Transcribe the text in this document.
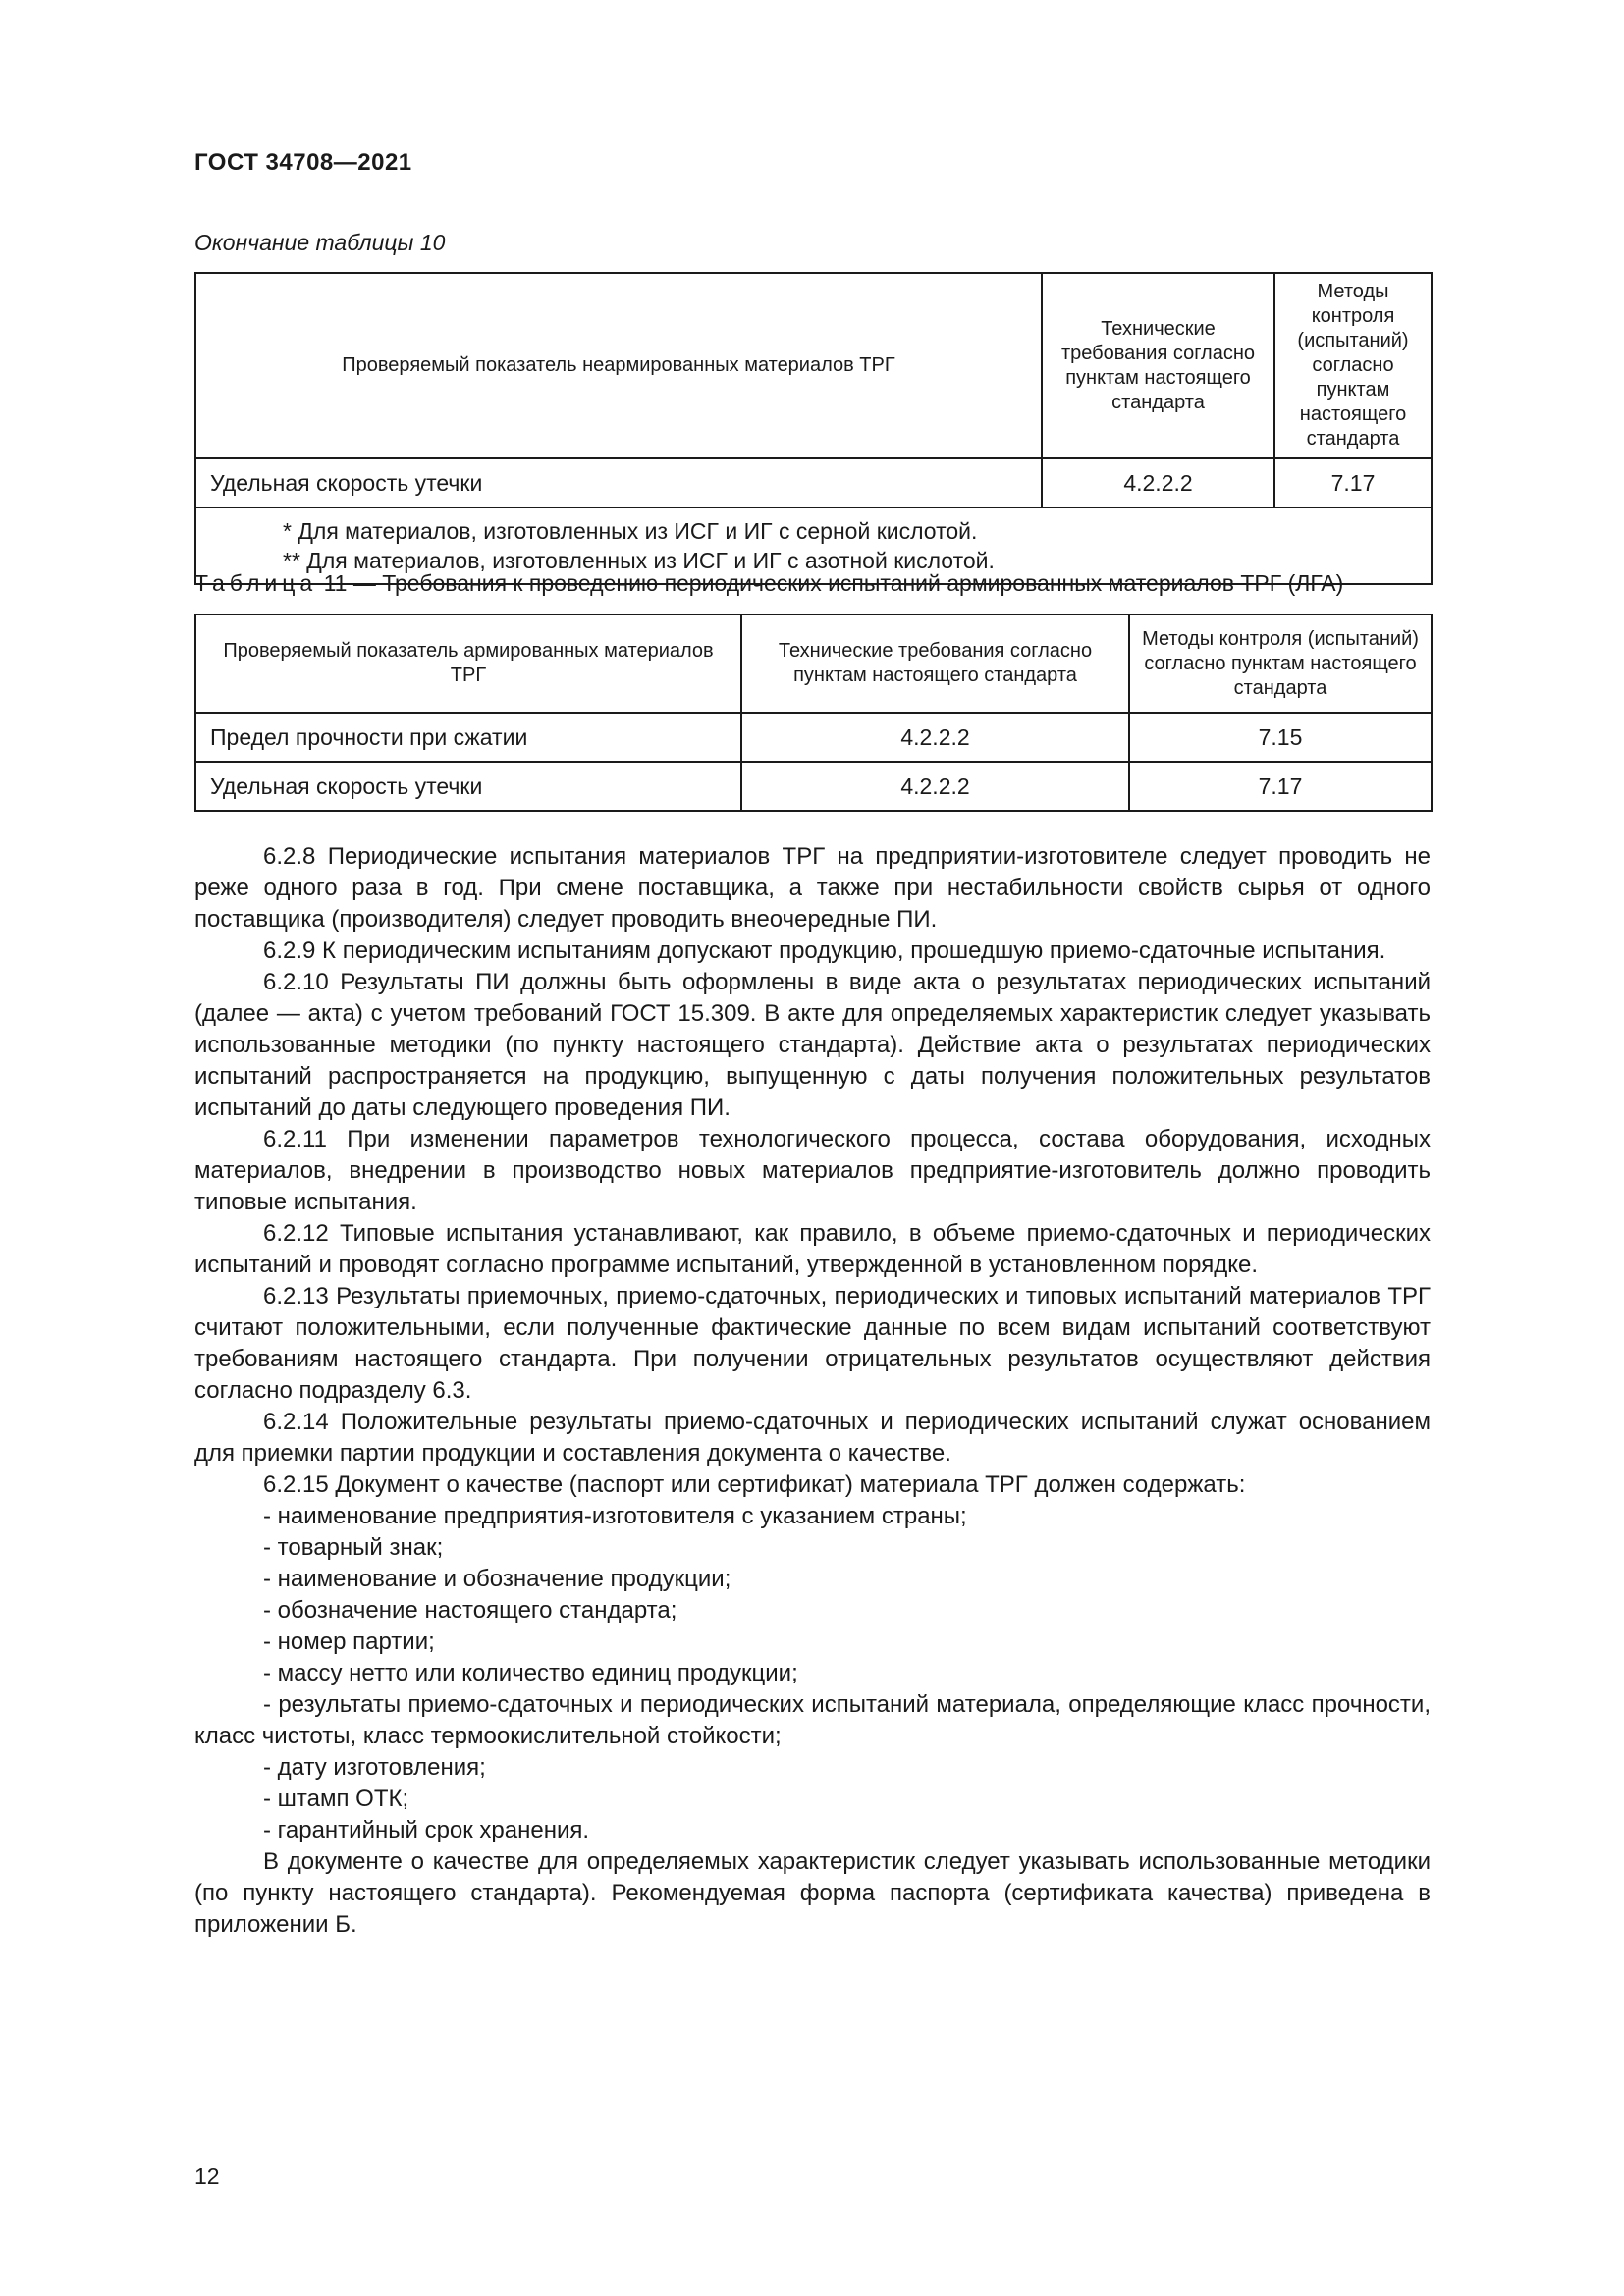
ГОСТ 34708—2021
Окончание таблицы 10
Проверяемый показатель неармированных материалов ТРГ	Технические требования согласно пунктам настоящего стандарта	Методы контроля (испытаний) согласно пунктам настоящего стандарта
Удельная скорость утечки	4.2.2.2	7.17

* Для материалов, изготовленных из ИСГ и ИГ с серной кислотой.
** Для материалов, изготовленных из ИСГ и ИГ с азотной кислотой.		
Таблица 11 — Требования к проведению периодических испытаний армированных материалов ТРГ (ЛГА)
Проверяемый показатель армированных материалов ТРГ	Технические требования согласно пунктам настоящего стандарта	Методы контроля (испытаний) согласно пунктам настоящего стандарта
Предел прочности при сжатии	4.2.2.2	7.15
Удельная скорость утечки	4.2.2.2	7.17

6.2.8 Периодические испытания материалов ТРГ на предприятии-изготовителе следует проводить не реже одного раза в год. При смене поставщика, а также при нестабильности свойств сырья от одного поставщика (производителя) следует проводить внеочередные ПИ.

6.2.9 К периодическим испытаниям допускают продукцию, прошедшую приемо-сдаточные испытания.

6.2.10 Результаты ПИ должны быть оформлены в виде акта о результатах периодических испытаний (далее — акта) с учетом требований ГОСТ 15.309. В акте для определяемых характеристик следует указывать использованные методики (по пункту настоящего стандарта). Действие акта о результатах периодических испытаний распространяется на продукцию, выпущенную с даты получения положительных результатов испытаний до даты следующего проведения ПИ.

6.2.11 При изменении параметров технологического процесса, состава оборудования, исходных материалов, внедрении в производство новых материалов предприятие-изготовитель должно проводить типовые испытания.

6.2.12 Типовые испытания устанавливают, как правило, в объеме приемо-сдаточных и периодических испытаний и проводят согласно программе испытаний, утвержденной в установленном порядке.

6.2.13 Результаты приемочных, приемо-сдаточных, периодических и типовых испытаний материалов ТРГ считают положительными, если полученные фактические данные по всем видам испытаний соответствуют требованиям настоящего стандарта. При получении отрицательных результатов осуществляют действия согласно подразделу 6.3.

6.2.14 Положительные результаты приемо-сдаточных и периодических испытаний служат основанием для приемки партии продукции и составления документа о качестве.

6.2.15 Документ о качестве (паспорт или сертификат) материала ТРГ должен содержать:

- наименование предприятия-изготовителя с указанием страны;

- товарный знак;

- наименование и обозначение продукции;

- обозначение настоящего стандарта;

- номер партии;

- массу нетто или количество единиц продукции;

- результаты приемо-сдаточных и периодических испытаний материала, определяющие класс прочности, класс чистоты, класс термоокислительной стойкости;

- дату изготовления;

- штамп ОТК;

- гарантийный срок хранения.

В документе о качестве для определяемых характеристик следует указывать использованные методики (по пункту настоящего стандарта). Рекомендуемая форма паспорта (сертификата качества) приведена в приложении Б.

12
